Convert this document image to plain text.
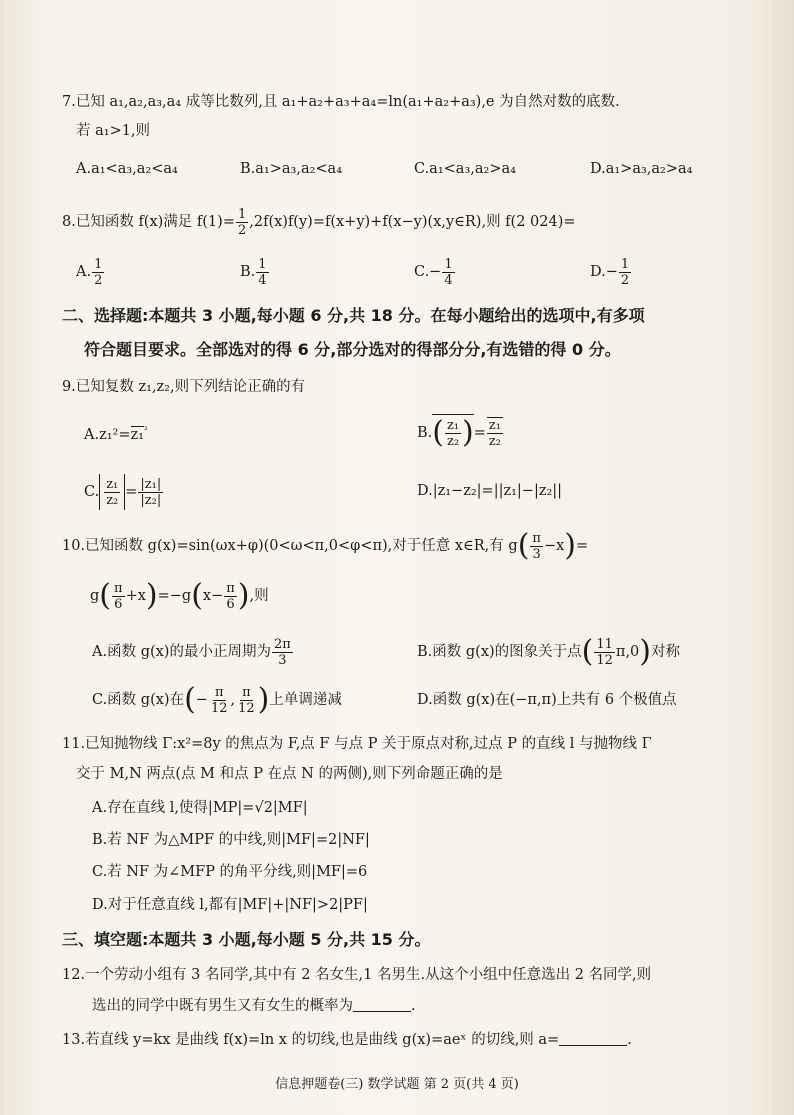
7.已知 a₁,a₂,a₃,a₄ 成等比数列,且 a₁+a₂+a₃+a₄=ln(a₁+a₂+a₃),e 为自然对数的底数.
若 a₁>1,则
A.a₁<a₃,a₂<a₄	B.a₁>a₃,a₂<a₄	C.a₁<a₃,a₂>a₄	D.a₁>a₃,a₂>a₄
8.已知函数 f(x)满足 $f(1)= \frac{1}{2}$ ,2f(x)f(y)=f(x+y)+f(x−y)(x,y∈R),则 f(2 024)=
A. $\frac{1}{2}$	B. $\frac{1}{4}$	$C.- \frac{1}{4}$	$D.- \frac{1}{2}$
二、选择题:本题共 3 小题,每小题 6 分,共 18 分。在每小题给出的选项中,有多项
符合题目要求。全部选对的得 6 分,部分选对的得部分分,有选错的得 0 分。
9.已知复数 z₁,z₂,则下列结论正确的有
A.z₁²=z₁$^{^2}$	$B.( \frac{\text{z₁}}{\text{z₂}}$ )= $\frac{\text{z₁}}{\text{z₂}}$
C. $\frac{\text{z₁}}{\text{z₂}} = \frac{\text{|z₁|}}{\text{|z₂|}}$	D.|z₁−z₂|=||z₁|−|z₂||
10.已知函数 g(x)=sin(ωx+φ)(0<ω<π,0<φ<π),对于任意 x∈R,有 $g( \frac{\pi}{3} -x)=$
$g( \frac{\pi}{6} +x)=-g(x- \frac{\pi}{6}$ ),则
A.函数 g(x)的最小正周期为 $\frac{2\pi}{3}$	B.函数 g(x)的图象关于点( $\frac{11}{12} \pi,0$)对称
C.函数 g(x)在(− $\frac{\pi}{12}$ , $\frac{\pi}{12}$ )上单调递减	D.函数 g(x)在(−π,π)上共有 6 个极值点
11.已知抛物线 Γ:x²=8y 的焦点为 F,点 F 与点 P 关于原点对称,过点 P 的直线 l 与抛物线 Γ
交于 M,N 两点(点 M 和点 P 在点 N 的两侧),则下列命题正确的是
A.存在直线 l,使得|MP|=√2|MF|
B.若 NF 为△MPF 的中线,则|MF|=2|NF|
C.若 NF 为∠MFP 的角平分线,则|MF|=6
D.对于任意直线 l,都有|MF|+|NF|>2|PF|
三、填空题:本题共 3 小题,每小题 5 分,共 15 分。
12.一个劳动小组有 3 名同学,其中有 2 名女生,1 名男生.从这个小组中任意选出 2 名同学,则
选出的同学中既有男生又有女生的概率为	.
13.若直线 y=kx 是曲线 f(x)=ln x 的切线,也是曲线 g(x)=aeˣ 的切线,则 a=	.
信息押题卷(三) 数学试题 第 2 页(共 4 页)
